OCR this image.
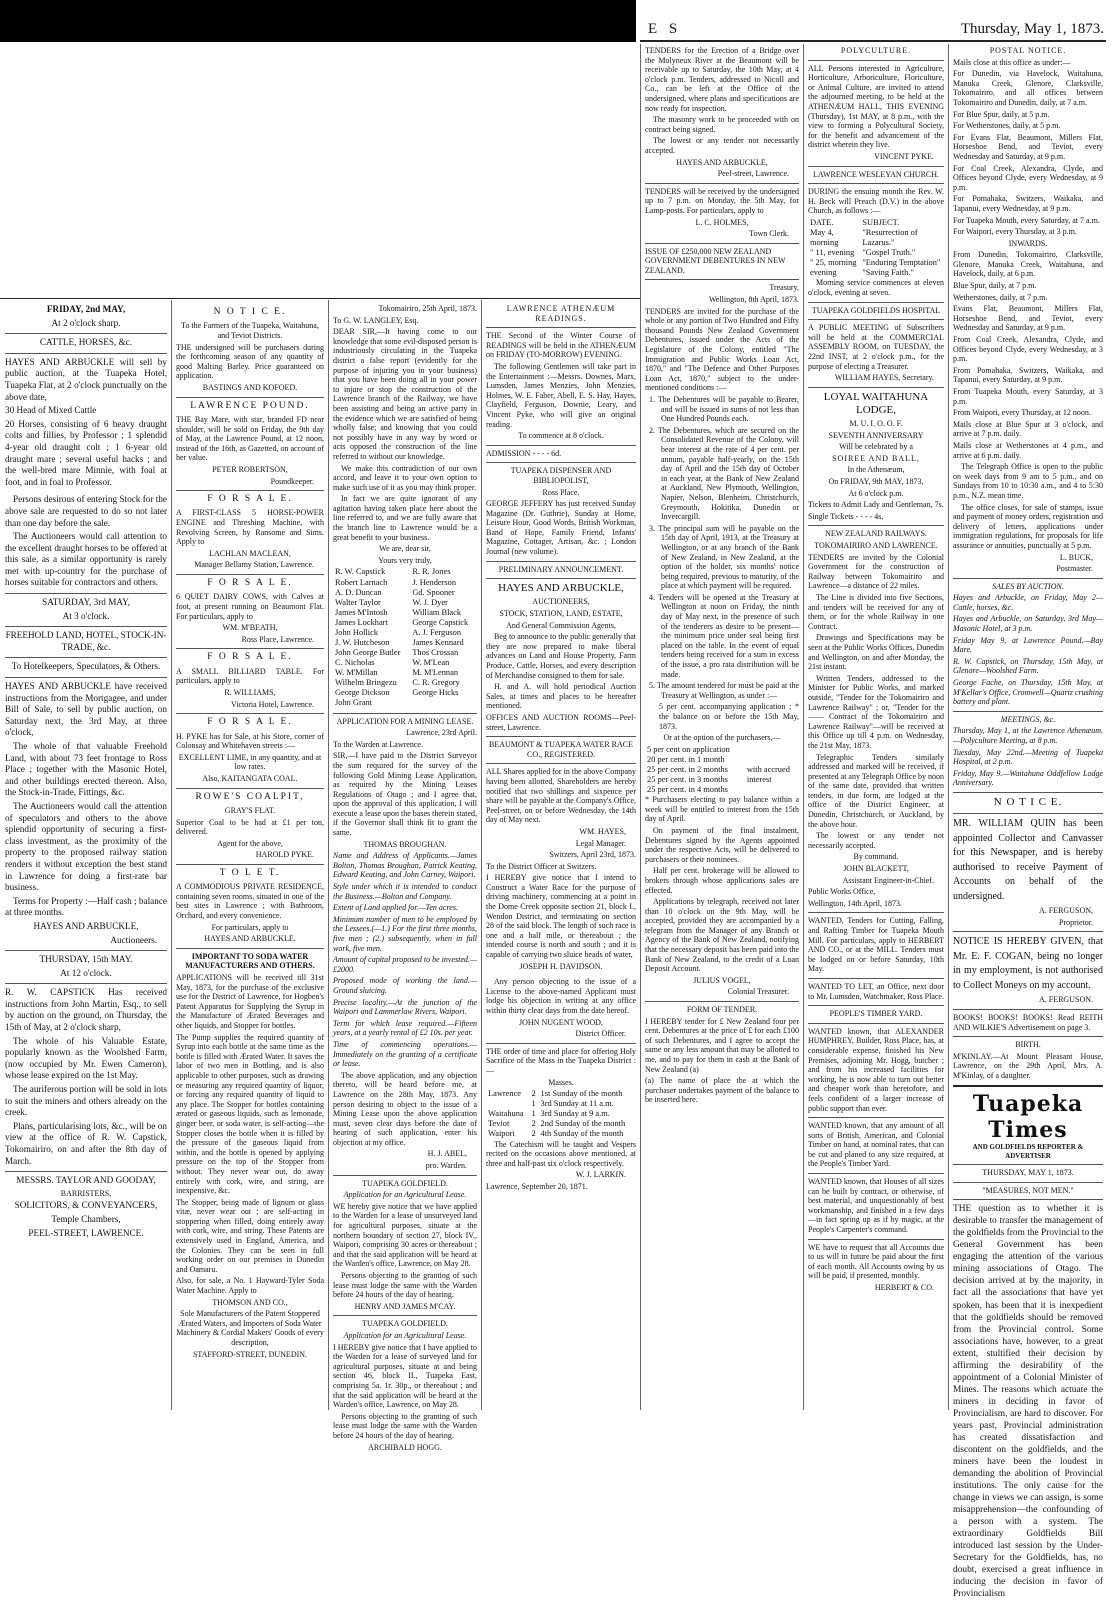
E S	Thursday, May 1, 1873.

FRIDAY, 2nd MAY,

At 2 o'clock sharp.

CATTLE, HORSES, &c.

HAYES AND ARBUCKLE will sell by public auction, at the Tuapeka Hotel, Tuapeka Flat, at 2 o'clock punctually on the above date,

30 Head of Mixed Cattle

20 Horses, consisting of 6 heavy draught colts and fillies, by Professor ; 1 splendid 4-year old draught colt ; 1 6-year old draught mare ; several useful hacks ; and the well-bred mare Minnie, with foal at foot, and in foal to Professor.

Persons desirous of entering Stock for the above sale are requested to do so not later than one day before the sale.

The Auctioneers would call attention to the excellent draught horses to be offered at this sale, as a similar opportunity is rarely met with up-country for the purchase of horses suitable for contractors and others.

SATURDAY, 3rd MAY,

At 3 o'clock.

FREEHOLD LAND, HOTEL, STOCK-IN-TRADE, &c.

To Hotelkeepers, Speculators, & Others.

HAYES AND ARBUCKLE have received instructions from the Mortgagee, and under Bill of Sale, to sell by public auction, on Saturday next, the 3rd May, at three o'clock,

The whole of that valuable Freehold Land, with about 73 feet frontage to Ross Place ; together with the Masonic Hotel, and other buildings erected thereon. Also, the Stock-in-Trade, Fittings, &c.

The Auctioneers would call the attention of speculators and others to the above splendid opportunity of securing a first-class investment, as the proximity of the property to the proposed railway station renders it without exception the best stand in Lawrence for doing a first-rate bar business.

Terms for Property :—Half cash ; balance at three months.

HAYES AND ARBUCKLE,

Auctioneers.

THURSDAY, 15th MAY.

At 12 o'clock.

R. W. CAPSTICK Has received instructions from John Martin, Esq., to sell by auction on the ground, on Thursday, the 15th of May, at 2 o'clock sharp,

The whole of his Valuable Estate, popularly known as the Woolshed Farm, (now occupied by Mr. Ewen Cameron), whose lease expired on the 1st May.

The auriferous portion will be sold in lots to suit the miners and others already on the creek.

Plans, particularising lots, &c., will be on view at the office of R. W. Capstick, Tokomairiro, on and after the 8th day of March.

MESSRS. TAYLOR AND GOODAY,

BARRISTERS,

SOLICITORS, & CONVEYANCERS,

Temple Chambers,

PEEL-STREET, LAWRENCE.

N O T I C E.

To the Farmers of the Tuapeka, Waitahuna, and Teviot Districts.

THE undersigned will be purchasers during the forthcoming season of any quantity of good Malting Barley. Price guaranteed on application.

BASTINGS AND KOFOED.

LAWRENCE POUND.

THE Bay Mare, with star, branded FD near shoulder, will be sold on Friday, the 9th day of May, at the Lawrence Pound, at 12 noon, instead of the 16th, as Gazetted, on account of her value.

PETER ROBERTSON,

Poundkeeper.

F O R S A L E.

A FIRST-CLASS 5 HORSE-POWER ENGINE and Threshing Machine, with Revolving Screen, by Ransome and Sims. Apply to

LACHLAN MACLEAN,

Manager Bellamy Station, Lawrence.

F O R S A L E.

6 QUIET DAIRY COWS, with Calves at foot, at present running on Beaumont Flat. For particulars, apply to

WM. M'BEATH,

Ross Place, Lawrence.

F O R S A L E.

A SMALL BILLIARD TABLE. For particulars, apply to

R. WILLIAMS,

Victoria Hotel, Lawrence.

F O R S A L E.

H. PYKE has for Sale, at his Store, corner of Colonsay and Whitehaven streets :—

EXCELLENT LIME, in any quantity, and at low rates.

Also, KAITANGATA COAL.

ROWE'S COALPIT,

GRAY'S FLAT.

Superior Coal to be had at £1 per ton, delivered.

Agent for the above,

HAROLD PYKE.

T O L E T.

A COMMODIOUS PRIVATE RESIDENCE, containing seven rooms, situated in one of the best sites in Lawrence ; with Bathroom, Orchard, and every convenience.

For particulars, apply to

HAYES AND ARBUCKLE.

IMPORTANT TO SODA WATER MANUFACTURERS AND OTHERS.

APPLICATIONS will be received till 31st May, 1873, for the purchase of the exclusive use for the District of Lawrence, for Hogben's Patent Apparatus for Supplying the Syrup in the Manufacture of Ærated Beverages and other liquids, and Stopper for bottles.

The Pump supplies the required quantity of Syrup into each bottle at the same time as the bottle is filled with Ærated Water. It saves the labor of two men in Bottling, and is also applicable to other purposes, such as drawing or measuring any required quantity of liquor, or forcing any required quantity of liquid to any place. The Stopper for bottles containing ærated or gaseous liquids, such as lemonade, ginger beer, or soda water, is self-acting—the Stopper closes the bottle when it is filled by the pressure of the gaseous liquid from within, and the bottle is opened by applying pressure on the top of the Stopper from without. They never wear out, do away entirely with cork, wire, and string, are inexpensive, &c.

The Stopper, being made of lignum or glass vitæ, never wear out ; are self-acting in stoppering when filled, doing entirely away with cork, wire, and string. These Patents are extensively used in England, America, and the Colonies. They can be seen in full working order on our premises in Dunedin and Oamaru.

Also, for sale, a No. 1 Hayward-Tyler Soda Water Machine. Apply to

THOMSON AND CO.,

Sole Manufacturers of the Patent Stoppered Ærated Waters, and Importers of Soda Water Machinery & Cordial Makers' Goods of every description,

STAFFORD-STREET, DUNEDIN.

Tokomairiro, 25th April, 1873.

To G. W. LANGLEY, Esq.

DEAR SIR,—It having come to our knowledge that some evil-disposed person is industriously circulating in the Tuapeka district a false report (evidently for the purpose of injuring you in your business) that you have been doing all in your power to injure or stop the construction of the Lawrence branch of the Railway, we have been assisting and being an active party in the evidence which we are satisfied of being wholly false; and knowing that you could not possibly have in any way by word or acts opposed the construction of the line referred to without our knowledge.

We make this contradiction of our own accord, and leave it to your own option to make such use of it as you may think proper.

In fact we are quite ignorant of any agitation having taken place here about the line referred to, and we are fully aware that the branch line to Lawrence would be a great benefit to your business.

We are, dear sir,

Yours very truly,

R. W. Capstick	R. R. Jones
Robert Larnach	J. Henderson
A. D. Duncan	Gd. Spooner
Walter Taylor	W. J. Dyer
James M'Intosh	William Black
James Lockhart	George Capstick
John Hollick	A. J. Ferguson
J. W. Hutcheson	James Kennard
John George Butler	Thos Crossan
C. Nicholas	W. M'Lean
W. M'Millan	M. M'Lennan
Wilhelm Bringezu	C. R. Gregory
George Dickson	George Hicks
John Grant	

APPLICATION FOR A MINING LEASE.

Lawrence, 23rd April.

To the Warden at Lawrence.

SIR,—I have paid to the District Surveyor the sum required for the survey of the following Gold Mining Lease Application, as required by the Mining Leases Regulations of Otago ; and I agree that, upon the approval of this application, I will execute a lease upon the bases therein stated, if the Governor shall think fit to grant the same.

THOMAS BROUGHAN.

Name and Address of Applicants.—James Bolton, Thomas Broughan, Patrick Keating, Edward Keating, and John Carney, Waipori.

Style under which it is intended to conduct the Business.—Bolton and Company.

Extent of Land applied for.—Ten acres.

Minimum number of men to be employed by the Lessees.(—1.) For the first three months, five men ; (2.) subsequently, when in full work, five men.

Amount of capital proposed to be invested.—£2000.

Proposed mode of working the land.—Ground sluicing.

Precise locality.—At the junction of the Waipori and Lammerlaw Rivers, Waipori.

Term for which lease required.—Fifteen years, at a yearly rental of £2 10s. per year.

Time of commencing operations.—Immediately on the granting of a certificate or lease.

The above application, and any objection thereto, will be heard before me, at Lawrence on the 28th May, 1873. Any person desiring to object to the issue of a Mining Lease upon the above application must, seven clear days before the date of hearing of such application, enter his objection at my office.

H. J. ABEL,

pro. Warden.

TUAPEKA GOLDFIELD.

Application for an Agricultural Lease.

WE hereby give notice that we have applied to the Warden for a lease of unsurveyed land for agricultural purposes, situate at the northern boundary of section 27, block IV., Waipori, comprising 30 acres or thereabout ; and that the said application will be heard at the Warden's office, Lawrence, on May 28.

Persons objecting to the granting of such lease must lodge the same with the Warden before 24 hours of the day of hearing.

HENRY AND JAMES M'CAY.

TUAPEKA GOLDFIELD.

Application for an Agricultural Lease.

I HEREBY give notice that I have applied to the Warden for a lease of surveyed land for agricultural purposes, situate at and being section 46, block II., Tuapeka East, comprising 5a. 1r. 30p., or thereabout ; and that the said application will be heard at the Warden's office, Lawrence, on May 28.

Persons objecting to the granting of such lease must lodge the same with the Warden before 24 hours of the day of hearing.

ARCHIBALD HOGG.

LAWRENCE ATHENÆUM READINGS.

THE Second of the Winter Course of READINGS will be held in the ATHENÆUM on FRIDAY (TO-MORROW) EVENING.

The following Gentlemen will take part in the Entertainment :—Messrs. Downes, Marx, Lumsden, James Menzies, John Menzies, Holmes, W. E. Faber, Abell, E. S. Hay, Hayes, Clayfield, Ferguson, Downie, Leary, and Vincent Pyke, who will give an original reading.

To commence at 8 o'clock.

ADMISSION - - - - 6d.

TUAPEKA DISPENSER AND BIBLIOPOLIST,

Ross Place.

GEORGE JEFFERY has just received Sunday Magazine (Dr. Guthrie), Sunday at Home, Leisure Hour, Good Words, British Workman, Band of Hope, Family Friend, Infants' Magazine, Cottager, Artisan, &c. ; London Journal (new volume).

PRELIMINARY ANNOUNCEMENT.

HAYES AND ARBUCKLE,

AUCTIONEERS,

STOCK, STATION, LAND, ESTATE,

And General Commission Agents,

Beg to announce to the public generally that they are now prepared to make liberal advances on Land and House Property, Farm Produce, Cattle, Horses, and every description of Merchandise consigned to them for sale.

H. and A. will hold periodical Auction Sales, at times and places to be hereafter mentioned.

OFFICES AND AUCTION ROOMS—Peel-street, Lawrence.

BEAUMONT & TUAPEKA WATER RACE CO., REGISTERED.

ALL Shares applied for in the above Company having been allotted, Shareholders are hereby notified that two shillings and sixpence per share will be payable at the Company's Office, Peel-street, on or before Wednesday, the 14th day of May next.

WM. HAYES,

Legal Manager.

Switzers, April 23rd, 1873.

To the District Officer at Switzers.

I HEREBY give notice that I intend to Construct a Water Race for the purpose of driving machinery, commencing at a point in the Dome Creek opposite section 21, block I., Wendon District, and terminating on section 28 of the said block. The length of such race is one and a half mile, or thereabout ; the intended course is north and south ; and it is capable of carrying two sluice heads of water,

JOSEPH H. DAVIDSON.

Any person objecting to the issue of a License to the above-named Applicant must lodge his objection in writing at any office within thirty clear days from the date hereof.

JOHN NUGENT WOOD,

District Officer.

THE order of time and place for offering Holy Sacrifice of the Mass in the Tuapeka District :—

Masses.

Lawrence	2	1st Sunday of the month
	1	3rd Sunday at 11 a.m.
Waitahuna	1	3rd Sunday at 9 a.m.
Teviot	2	2nd Sunday of the month
Waipori	2	4th Sunday of the month

The Catechism will be taught and Vespers recited on the occasions above mentioned, at three and half-past six o'clock respectively.

W. J. LARKIN.

Lawrence, September 20, 1871.

TENDERS for the Erection of a Bridge over the Molyneux River at the Beaumont will be receivable up to Saturday, the 10th May, at 4 o'clock p.m. Tenders, addressed to Nicoll and Co., can be left at the Office of the undersigned, where plans and specifications are now ready for inspection.

The masonry work to be proceeded with on contract being signed.

The lowest or any tender not necessarily accepted.

HAYES AND ARBUCKLE,

Peel-street, Lawrence.

TENDERS will be received by the undersigned up to 7 p.m. on Monday, the 5th May, for Lamp-posts. For particulars, apply to

L. C. HOLMES,

Town Clerk.

ISSUE OF £250,000 NEW ZEALAND GOVERNMENT DEBENTURES IN NEW ZEALAND.

Treasury,

Wellington, 8th April, 1873.

TENDERS are invited for the purchase of the whole or any portion of Two Hundred and Fifty thousand Pounds New Zealand Government Debentures, issued under the Acts of the Legislature of the Colony, entitled "The Immigration and Public Works Loan Act, 1870," and "The Defence and Other Purposes Loan Act, 1870," subject to the under-mentioned conditions :—

1. The Debentures will be payable to Bearer, and will be issued in sums of not less than One Hundred Pounds each.
2. The Debentures, which are secured on the Consolidated Revenue of the Colony, will bear interest at the rate of 4 per cent. per annum, payable half-yearly, on the 15th day of April and the 15th day of October in each year, at the Bank of New Zealand at Auckland, New Plymouth, Wellington, Napier, Nelson, Blenheim, Christchurch, Greymouth, Hokitika, Dunedin or Invercargill.
3. The principal sum will be payable on the 15th day of April, 1913, at the Treasury at Wellington, or at any branch of the Bank of New Zealand, in New Zealand, at the option of the holder, six months' notice being required, previous to maturity, of the place at which payment will be required.
4. Tenders will be opened at the Treasury at Wellington at noon on Friday, the ninth day of May next, in the presence of such of the tenderers as desire to be present—the minimum price under seal being first placed on the table. In the event of equal tenders being received for a sum in excess of the issue, a pro rata distribution will be made.
5. The amount tendered for must be paid at the Treasury at Wellington, as under :—

5 per cent. accompanying application ; * the balance on or before the 15th May, 1873.

Or at the option of the purchasers,—

5 per cent on application	
20 per cent. in 1 month	
25 per cent. in 2 months	with accrued
25 per cent. in 3 months	interest
25 per cent. in 4 months	

* Purchasers electing to pay balance within a week will be entitled to interest from the 15th day of April.

On payment of the final instalment, Debentures signed by the Agents appointed under the respective Acts, will be delivered to purchasers or their nominees.

Half per cent. brokerage will be allowed to brokers through whose applications sales are effected.

Applications by telegraph, received not later than 10 o'clock on the 9th May, will be accepted, provided they are accompanied by a telegram from the Manager of any Branch or Agency of the Bank of New Zealand, notifying that the necessary deposit has been paid into the Bank of New Zealand, to the credit of a Loan Deposit Account.

JULIUS VOGEL,

Colonial Treasurer.

FORM OF TENDER.

I HEREBY tender for £ New Zealand four per cent. Debentures at the price of £ for each £100 of such Debentures, and I agree to accept the same or any less amount that may be allotted to me, and to pay for them in cash at the Bank of New Zealand (a)

(a) The name of place the at which the purchaser undertakes payment of the balance to be inserted here.

POLYCULTURE.

ALL Persons interested in Agriculture, Horticulture, Arboriculture, Floriculture, or Animal Culture, are invited to attend the adjourned meeting, to be held at the ATHENÆUM HALL, THIS EVENING (Thursday), 1st MAY, at 8 p.m., with the view to forming a Polycultural Society, for the benefit and advancement of the district wherein they live.

VINCENT PYKE.

LAWRENCE WESLEYAN CHURCH.

DURING the ensuing month the Rev. W. H. Beck will Preach (D.V.) in the above Church, as follows :—

DATE.	SUBJECT.
May 4, morning	"Resurrection of Lazarus."
" 11, evening	"Gospel Truth."
" 25, morning	"Enduring Temptation"
evening	"Saving Faith."

Morning service commences at eleven o'clock, evening at seven.

TUAPEKA GOLDFIELDS HOSPITAL

A PUBLIC MEETING of Subscribers will be held at the COMMERCIAL ASSEMBLY ROOM, on TUESDAY, the 22nd INST, at 2 o'clock p.m., for the purpose of electing a Treasurer.

WILLIAM HAYES, Secretary.

LOYAL WAITAHUNA LODGE,

M. U. I. O. O. F.

SEVENTH ANNIVERSARY

Will be celebrated by a

SOIREE AND BALL,

In the Athenæum,

On FRIDAY, 9th MAY, 1873,

At 6 o'clock p.m.

Tickets to Admit Lady and Gentleman, 7s.

Single Tickets - - - - 4s.

NEW ZEALAND RAILWAYS.

TOKOMAIRIRO AND LAWRENCE.

TENDERS are invited by the Colonial Government for the construction of Railway between Tokomairiro and Lawrence—a distance of 22 miles.

The Line is divided into five Sections, and tenders will be received for any of them, or for the whole Railway in one Contract.

Drawings and Specifications may be seen at the Public Works Offices, Dunedin and Wellington, on and after Monday, the 21st instant.

Written Tenders, addressed to the Minister for Public Works, and marked outside, "Tender for the Tokomairiro and Lawrence Railway" ; or, "Tender for the —— Contract of the Tokomairiro and Lawrence Railway"—will be received at this Office up till 4 p.m. on Wednesday, the 21st May, 1873.

Telegraphic Tenders similarly addressed and marked will be received, if presented at any Telegraph Office by noon of the same date, provided that written tenders, in due form, are lodged at the office of the District Engineer, at Dunedin, Christchurch, or Auckland, by the above hour.

The lowest or any tender not necessarily accepted.

By command.

JOHN BLACKETT,

Assistant Engineer-in-Chief.

Public Works Office,

Wellington, 14th April, 1873.

WANTED, Tenders for Cutting, Falling, and Rafting Timber for Tuapeka Mouth Mill. For particulars, apply to HERBERT AND CO., or at the MILL. Tenders must be lodged on or before Saturday, 10th May.

WANTED TO LET, an Office, next door to Mr. Lumsden, Watchmaker, Ross Place.

PEOPLE'S TIMBER YARD.

WANTED known, that ALEXANDER HUMPHREY, Builder, Ross Place, has, at considerable expense, finished his New Premises, adjoining Mr. Hogg, butcher ; and from his increased facilities for working, he is now able to turn out better and cheaper work than heretofore, and feels confident of a larger increase of public support than ever.

WANTED known, that any amount of all sorts of British, American, and Colonial Timber on hand, at nominal rates, that can be cut and planed to any size required, at the People's Timber Yard.

WANTED known, that Houses of all sizes can be built by contract, or otherwise, of best material, and unquestionably of best workmanship, and finished in a few days—in fact spring up as if by magic, at the People's Carpenter's command.

WE have to request that all Accounts due to us will in future be paid about the first of each month. All Accounts owing by us will be paid, if presented, monthly.

HERBERT & CO.

POSTAL NOTICE.

Mails close at this office as under:—

For Dunedin, via Havelock, Waitahuna, Manuka Creek, Glenore, Clarksville, Tokomairiro, and all offices between Tokomairiro and Dunedin, daily, at 7 a.m.

For Blue Spur, daily, at 5 p.m.

For Wetherstones, daily, at 5 p.m.

For Evans Flat, Beaumont, Millers Flat, Horseshoe Bend, and Teviot, every Wednesday and Saturday, at 9 p.m.

For Coal Creek, Alexandra, Clyde, and Offices beyond Clyde, every Wednesday, at 9 p.m.

For Pomahaka, Switzers, Waikaka, and Tapanui, every Wednesday, at 9 p.m.

For Tuapeka Mouth, every Saturday, at 7 a.m.

For Waipori, every Thursday, at 3 p.m.

INWARDS.

From Dunedin, Tokomairiro, Clarksville, Glenore, Manuka Creek, Waitahuna, and Havelock, daily, at 6 p.m.

Blue Spur, daily, at 7 p.m.

Wetherstones, daily, at 7 p.m.

Evans Flat, Beaumont, Millers Flat, Horseshoe Bend, and Teviot, every Wednesday and Saturday, at 9 p.m.

From Coal Creek, Alexandra, Clyde, and Offices beyond Clyde, every Wednesday, at 3 p.m.

From Pomahaka, Switzers, Waikaka, and Tapanui, every Saturday, at 9 p.m.

From Tuapeka Mouth, every Saturday, at 3 p.m.

From Waipori, every Thursday, at 12 noon.

Mails close at Blue Spur at 3 o'clock, and arrive at 7 p.m. daily.

Mails close at Wetherstones at 4 p.m., and arrive at 6 p.m. daily.

The Telegraph Office is open to the public on week days from 9 am to 5 p.m., and on Sundays from 10 to 10:30 a.m., and 4 to 5:30 p.m., N.Z. mean time.

The office closes, for sale of stamps, issue and payment of money orders, registration and delivery of letters, applications under immigration regulations, for proposals for life assurance or annuities, punctually at 5 p.m.

L. BUCK,

Postmaster.

SALES BY AUCTION.

Hayes and Arbuckle, on Friday, May 2—Cattle, horses, &c.

Hayes and Arbuckle, on Saturday, 3rd May—Masonic Hotel, at 3 p.m.

Friday May 9, at Lawrence Pound.—Bay Mare.

R. W. Capstick, on Thursday, 15th May, at Glenore—Woolshed Farm.

George Fache, on Thursday, 15th May, at M'Kellar's Office, Cromwell—Quartz crushing battery and plant.

MEETINGS, &c.

Thursday, May 1, at the Lawrence Athenæum.—Polyculture Meeting, at 8 p.m.

Tuesday, May 22nd.—Meeting of Tuapeka Hospital, at 2 p.m.

Friday, May 9.—Waitahuna Oddfellow Lodge Anniversary.

N O T I C E.

MR. WILLIAM QUIN has been appointed Collector and Canvasser for this Newspaper, and is hereby authorised to receive Payment of Accounts on behalf of the undersigned.

A. FERGUSON,

Proprietor.

NOTICE IS HEREBY GIVEN, that Mr. E. F. COGAN, being no longer in my employment, is not authorised to Collect Moneys on my account.

A. FERGUSON.

BOOKS! BOOKS! BOOKS! Read REITH AND WILKIE'S Advertisement on page 3.

BIRTH.

M'KINLAY.—At Mount Pleasant House, Lawrence, on the 29th April, Mrs. A. M'Kinlay, of a daughter.

Tuapeka Times

AND GOLDFIELDS REPORTER & ADVERTISER

THURSDAY, MAY 1, 1873.

"MEASURES, NOT MEN."

THE question as to whether it is desirable to transfer the management of the goldfields from the Provincial to the General Government has been engaging the attention of the various mining associations of Otago. The decision arrived at by the majority, in fact all the associations that have yet spoken, has been that it is inexpedient that the goldfields should be removed from the Provincial control. Some associations have, however, to a great extent, stultified their decision by affirming the desirability of the appointment of a Colonial Minister of Mines. The reasons which actuate the miners in deciding in favor of Provincialism, are hard to discover. For years past, Provincial administration has created dissatisfaction and discontent on the goldfields, and the miners have been the loudest in demanding the abolition of Provincial institutions. The only cause for the change in views we can assign, is some misapprehension—the confounding of a person with a system. The extraordinary Goldfields Bill introduced last session by the Under-Secretary for the Goldfields, has, no doubt, exercised a great influence in inducing the decision in favor of Provincialism
